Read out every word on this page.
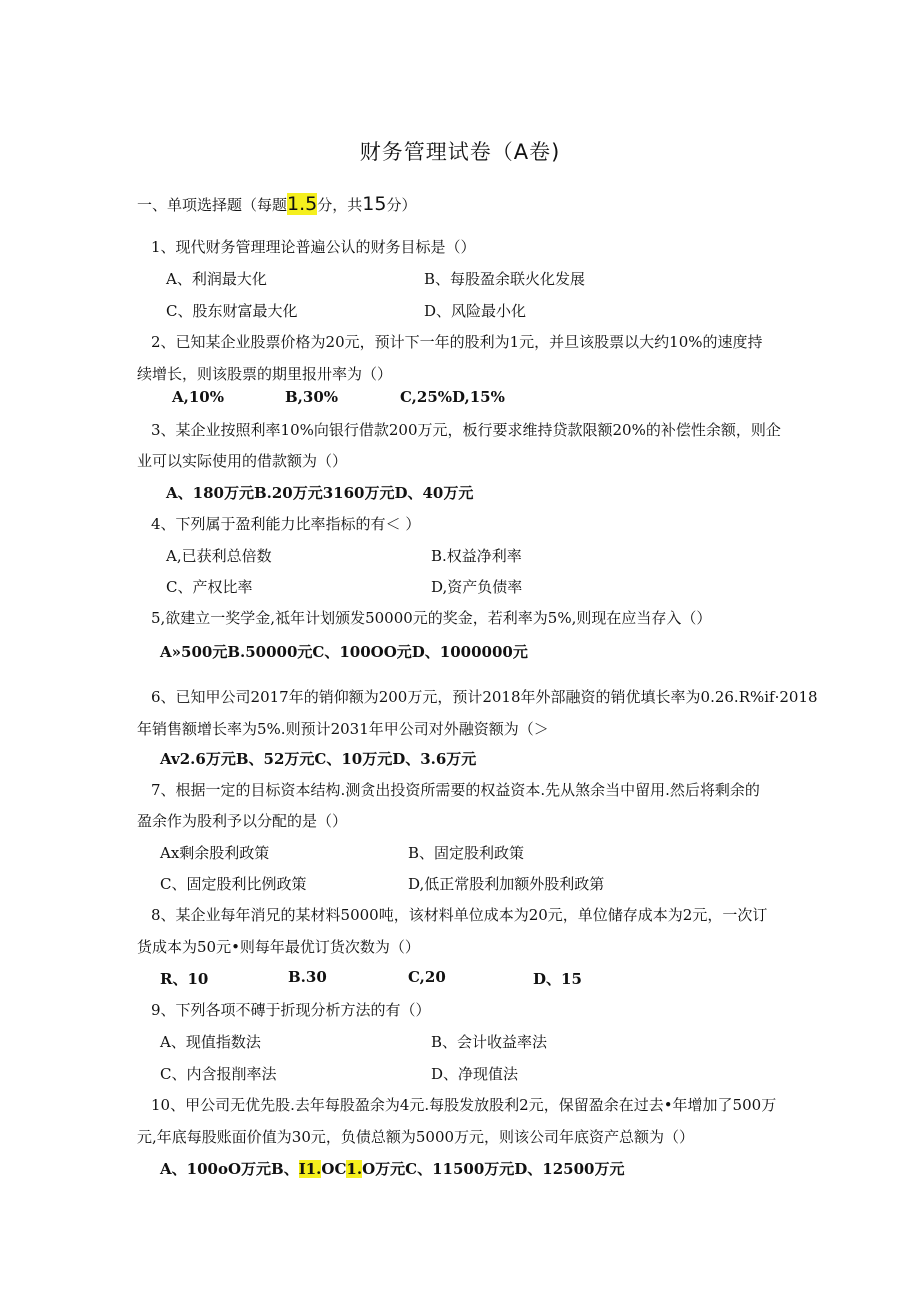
财务管理试卷（A卷)
一、单项选择题（每题1.5分，共15分）
1、现代财务管理理论普遍公认的财务目标是（）
A、利润最大化	B、每股盈余联火化发展
C、股东财富最大化	D、风险最小化
2、已知某企业股票价格为20元，预计下一年的股利为1元，并旦该股票以大约10%的速度持
续增长，则该股票的期里报卅率为（）
A,10%	B,30%	C,25%D,15%
3、某企业按照利率10%向银行借款200万元，板行要求维持贷款限额20%的补偿性余额，则企
业可以实际使用的借款额为（）
A、180万元B.20万元3160万元D、40万元
4、下列属于盈利能力比率指标的有＜ ）
A,已获利总倍数	B.权益净利率
C、产权比率	D,资产负债率
5,欲建立一奖学金,祗年计划颁发50000元的奖金，若利率为5%,则现在应当存入（）
A»500元B.50000元C、100OO元D、1000000元
6、已知甲公司2017年的销仰额为200万元，预计2018年外部融资的销优填长率为0.26.R%if·2018
年销售额增长率为5%.则预计2031年甲公司对外融资额为（＞
Av2.6万元B、52万元C、10万元D、3.6万元
7、根据一定的目标资本结构.测贪出投资所需要的权益资本.先从煞余当中留用.然后将剩余的
盈余作为股利予以分配的是（）
Ax剩余股利政策	B、固定股利政策
C、固定股利比例政策	D,低正常股利加额外股利政第
8、某企业每年消兄的某材料5000吨，该材料单位成本为20元，单位储存成本为2元，一次订
货成本为50元•则每年最优订货次数为（）
R、10	B.30	C,20	D、15
9、下列各项不磚于折现分析方法的有（）
A、现值指数法	B、会计收益率法
C、内含报削率法	D、净现值法
10、甲公司无优先股.去年每股盈余为4元.每股发放股利2元，保留盈余在过去•年增加了500万
元,年底每股账面价值为30元，负债总额为5000万元，则该公司年底资产总额为（）
A、100oO万元B、I1.OC1.O万元C、11500万元D、12500万元
